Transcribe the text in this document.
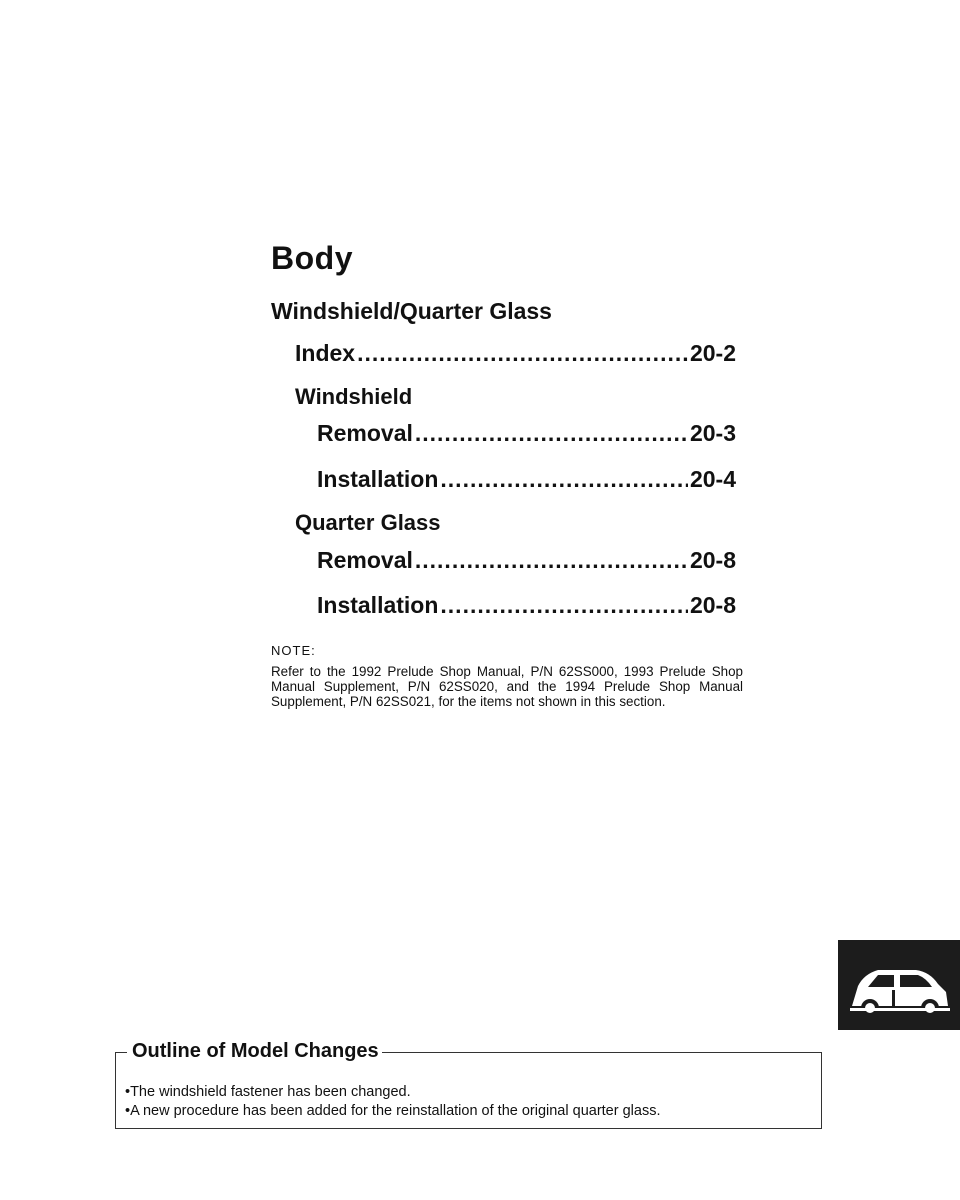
Body
Windshield/Quarter Glass
Index .....	20-2
Windshield
Removal .....	20-3
Installation .....	20-4
Quarter Glass
Removal .....	20-8
Installation .....	20-8

NOTE:

Refer to the 1992 Prelude Shop Manual, P/N 62SS000, 1993 Prelude Shop Manual Supplement, P/N 62SS020, and the 1994 Prelude Shop Manual Supplement, P/N 62SS021, for the items not shown in this section.

Outline of Model Changes
• The windshield fastener has been changed.
• A new procedure has been added for the reinstallation of the original quarter glass.
